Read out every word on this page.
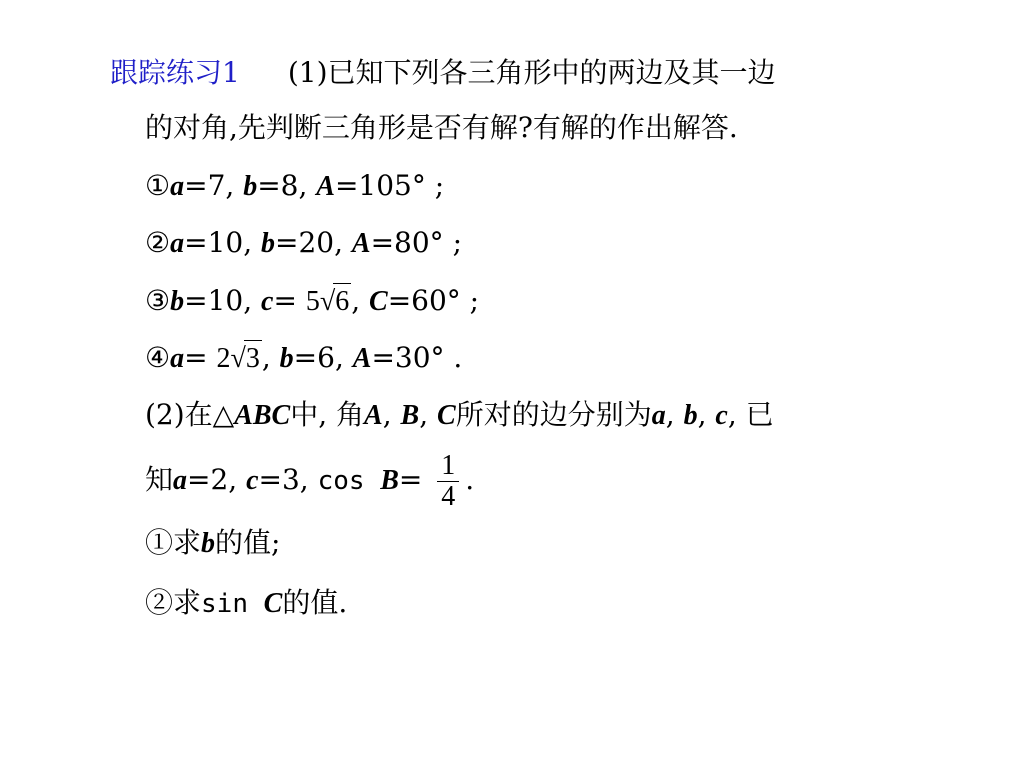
跟踪练习1 (1)已知下列各三角形中的两边及其一边
的对角,先判断三角形是否有解?有解的作出解答.
①a=7, b=8, A=105° ;
②a=10, b=20, A=80° ;
③b=10, c= 5√6, C=60° ;
④a= 2√3, b=6, A=30° .
(2)在△ABC中, 角A, B, C所对的边分别为a, b, c, 已
知a=2, c=3, $\cos B= \frac{1}{4}$ .
①求b的值;
②求sin C的值.
